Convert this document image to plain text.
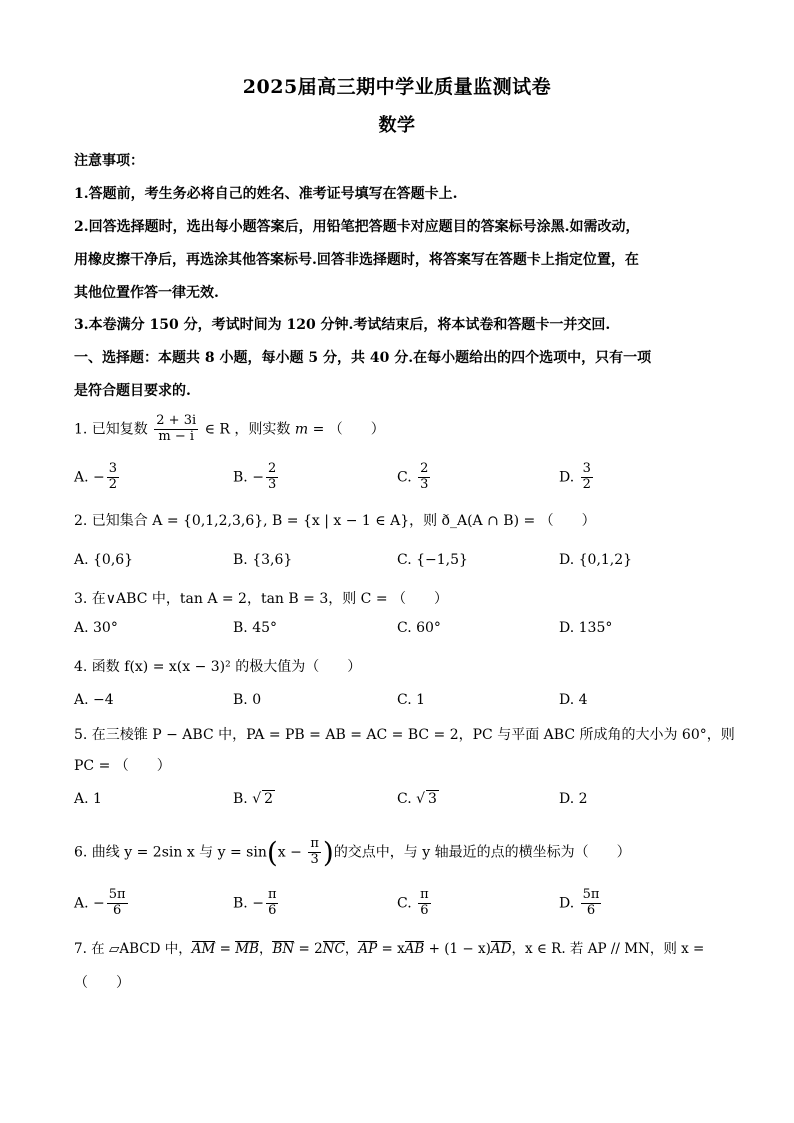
2025届高三期中学业质量监测试卷
数学
注意事项：
1.答题前，考生务必将自己的姓名、准考证号填写在答题卡上.
2.回答选择题时，选出每小题答案后，用铅笔把答题卡对应题目的答案标号涂黑.如需改动，
用橡皮擦干净后，再选涂其他答案标号.回答非选择题时，将答案写在答题卡上指定位置，在
其他位置作答一律无效.
3.本卷满分 150 分，考试时间为 120 分钟.考试结束后，将本试卷和答题卡一并交回.
一、选择题：本题共 8 小题，每小题 5 分，共 40 分.在每小题给出的四个选项中，只有一项
是符合题目要求的.
1. 已知复数 $\frac{2 + 3i}{m - i}$ ∈ R ，则实数 m = （　　）
A. − $\frac{3}{2}$	B. − $\frac{2}{3}$	C. $\frac{2}{3}$	D. $\frac{3}{2}$
2. 已知集合 A = {0,1,2,3,6}, B = {x | x − 1 ∈ A}，则 ð_A(A ∩ B) = （　　）
A. {0,6}	B. {3,6}	C. {−1,5}	D. {0,1,2}
3. 在∨ABC 中，tan A = 2，tan B = 3，则 C = （　　）
A. 30°	B. 45°	C. 60°	D. 135°
4. 函数 f(x) = x(x − 3)² 的极大值为（　　）
A. −4	B. 0	C. 1	D. 4
5. 在三棱锥 P − ABC 中，PA = PB = AB = AC = BC = 2，PC 与平面 ABC 所成角的大小为 60°，则
PC = （　　）
A. 1	B. √ 2	C. √ 3	D. 2
6. 曲线 y = 2sin x 与 $y = \sin(x - \frac{\pi}{3}$ )的交点中，与 y 轴最近的点的横坐标为（　　）
A. − $\frac{5\pi}{6}$	B. − $\frac{\pi}{6}$	C. $\frac{\pi}{6}$	D. $\frac{5\pi}{6}$
7. 在 ▱ABCD 中，AM = MB，BN = 2NC，AP = xAB + (1 − x)AD，x ∈ R. 若 AP // MN，则 x =
（　　）
